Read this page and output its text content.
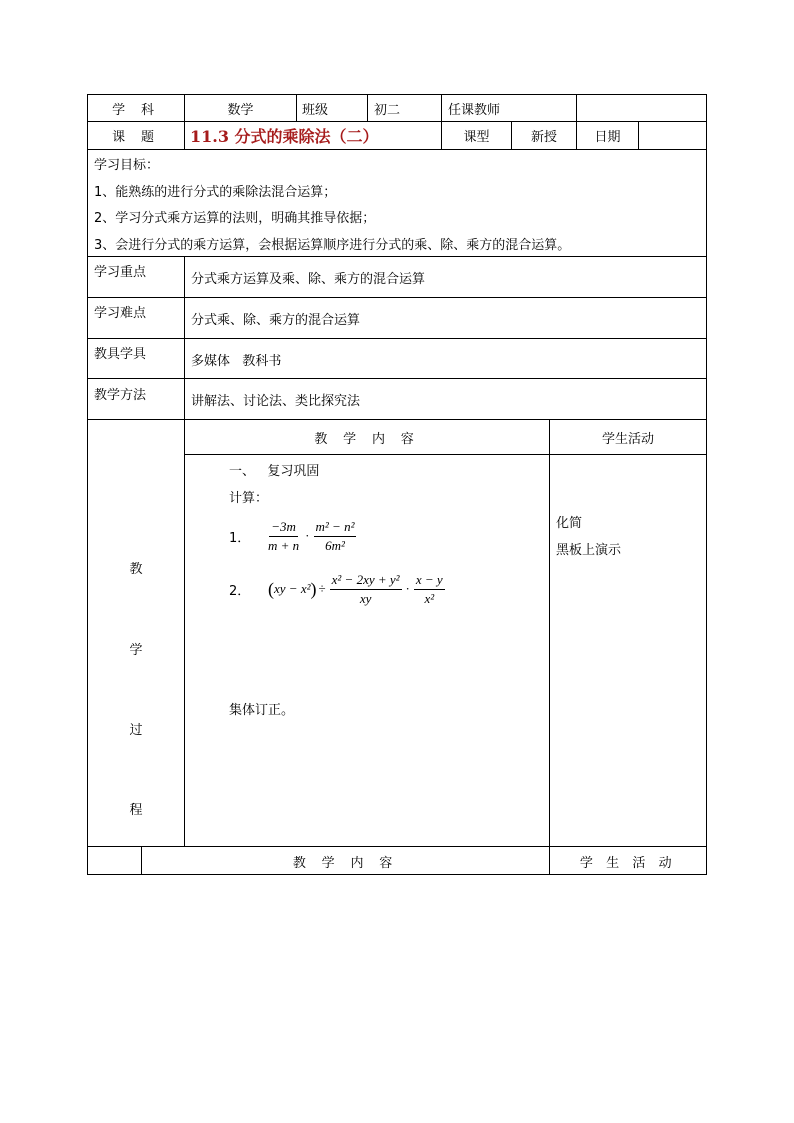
学 科	数学	班级	初二	任课教师
课 题	11.3 分式的乘除法（二）	课型	新授	日期
学习目标：
1、能熟练的进行分式的乘除法混合运算；
2、学习分式乘方运算的法则，明确其推导依据；
3、会进行分式的乘方运算，会根据运算顺序进行分式的乘、除、乘方的混合运算。
学习重点	分式乘方运算及乘、除、乘方的混合运算
学习难点	分式乘、除、乘方的混合运算
教具学具	多媒体   教科书
教学方法	讲解法、讨论法、类比探究法
教
学
过
程
教 学 内 容	学生活动
一、   复习巩固
计算：
1． $\frac{-3m}{m + n} \cdot \frac{\text{m² − n²}}{\text{6m²}}$
2． ( xy − x² ) ÷ $\frac{\text{x² − 2xy + y²}}{xy} \cdot \frac{x - y}{\text{x²}}$
集体订正。
化简
黑板上演示
教 学 内 容	学 生 活 动
